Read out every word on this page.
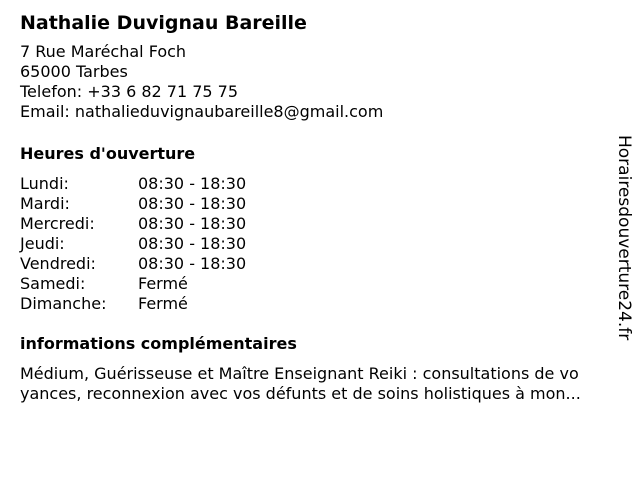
Nathalie Duvignau Bareille
7 Rue Maréchal Foch
65000 Tarbes
Telefon: +33 6 82 71 75 75
Email: nathalieduvignaubareille8@gmail.com
Heures d'ouverture
Lundi:	08:30 - 18:30
Mardi:	08:30 - 18:30
Mercredi:	08:30 - 18:30
Jeudi:	08:30 - 18:30
Vendredi:	08:30 - 18:30
Samedi:	Fermé
Dimanche: Fermé
informations complémentaires
Médium, Guérisseuse et Maître Enseignant Reiki : consultations de vo
yances, reconnexion avec vos défunts et de soins holistiques à mon...
Horairesdouverture24.fr
